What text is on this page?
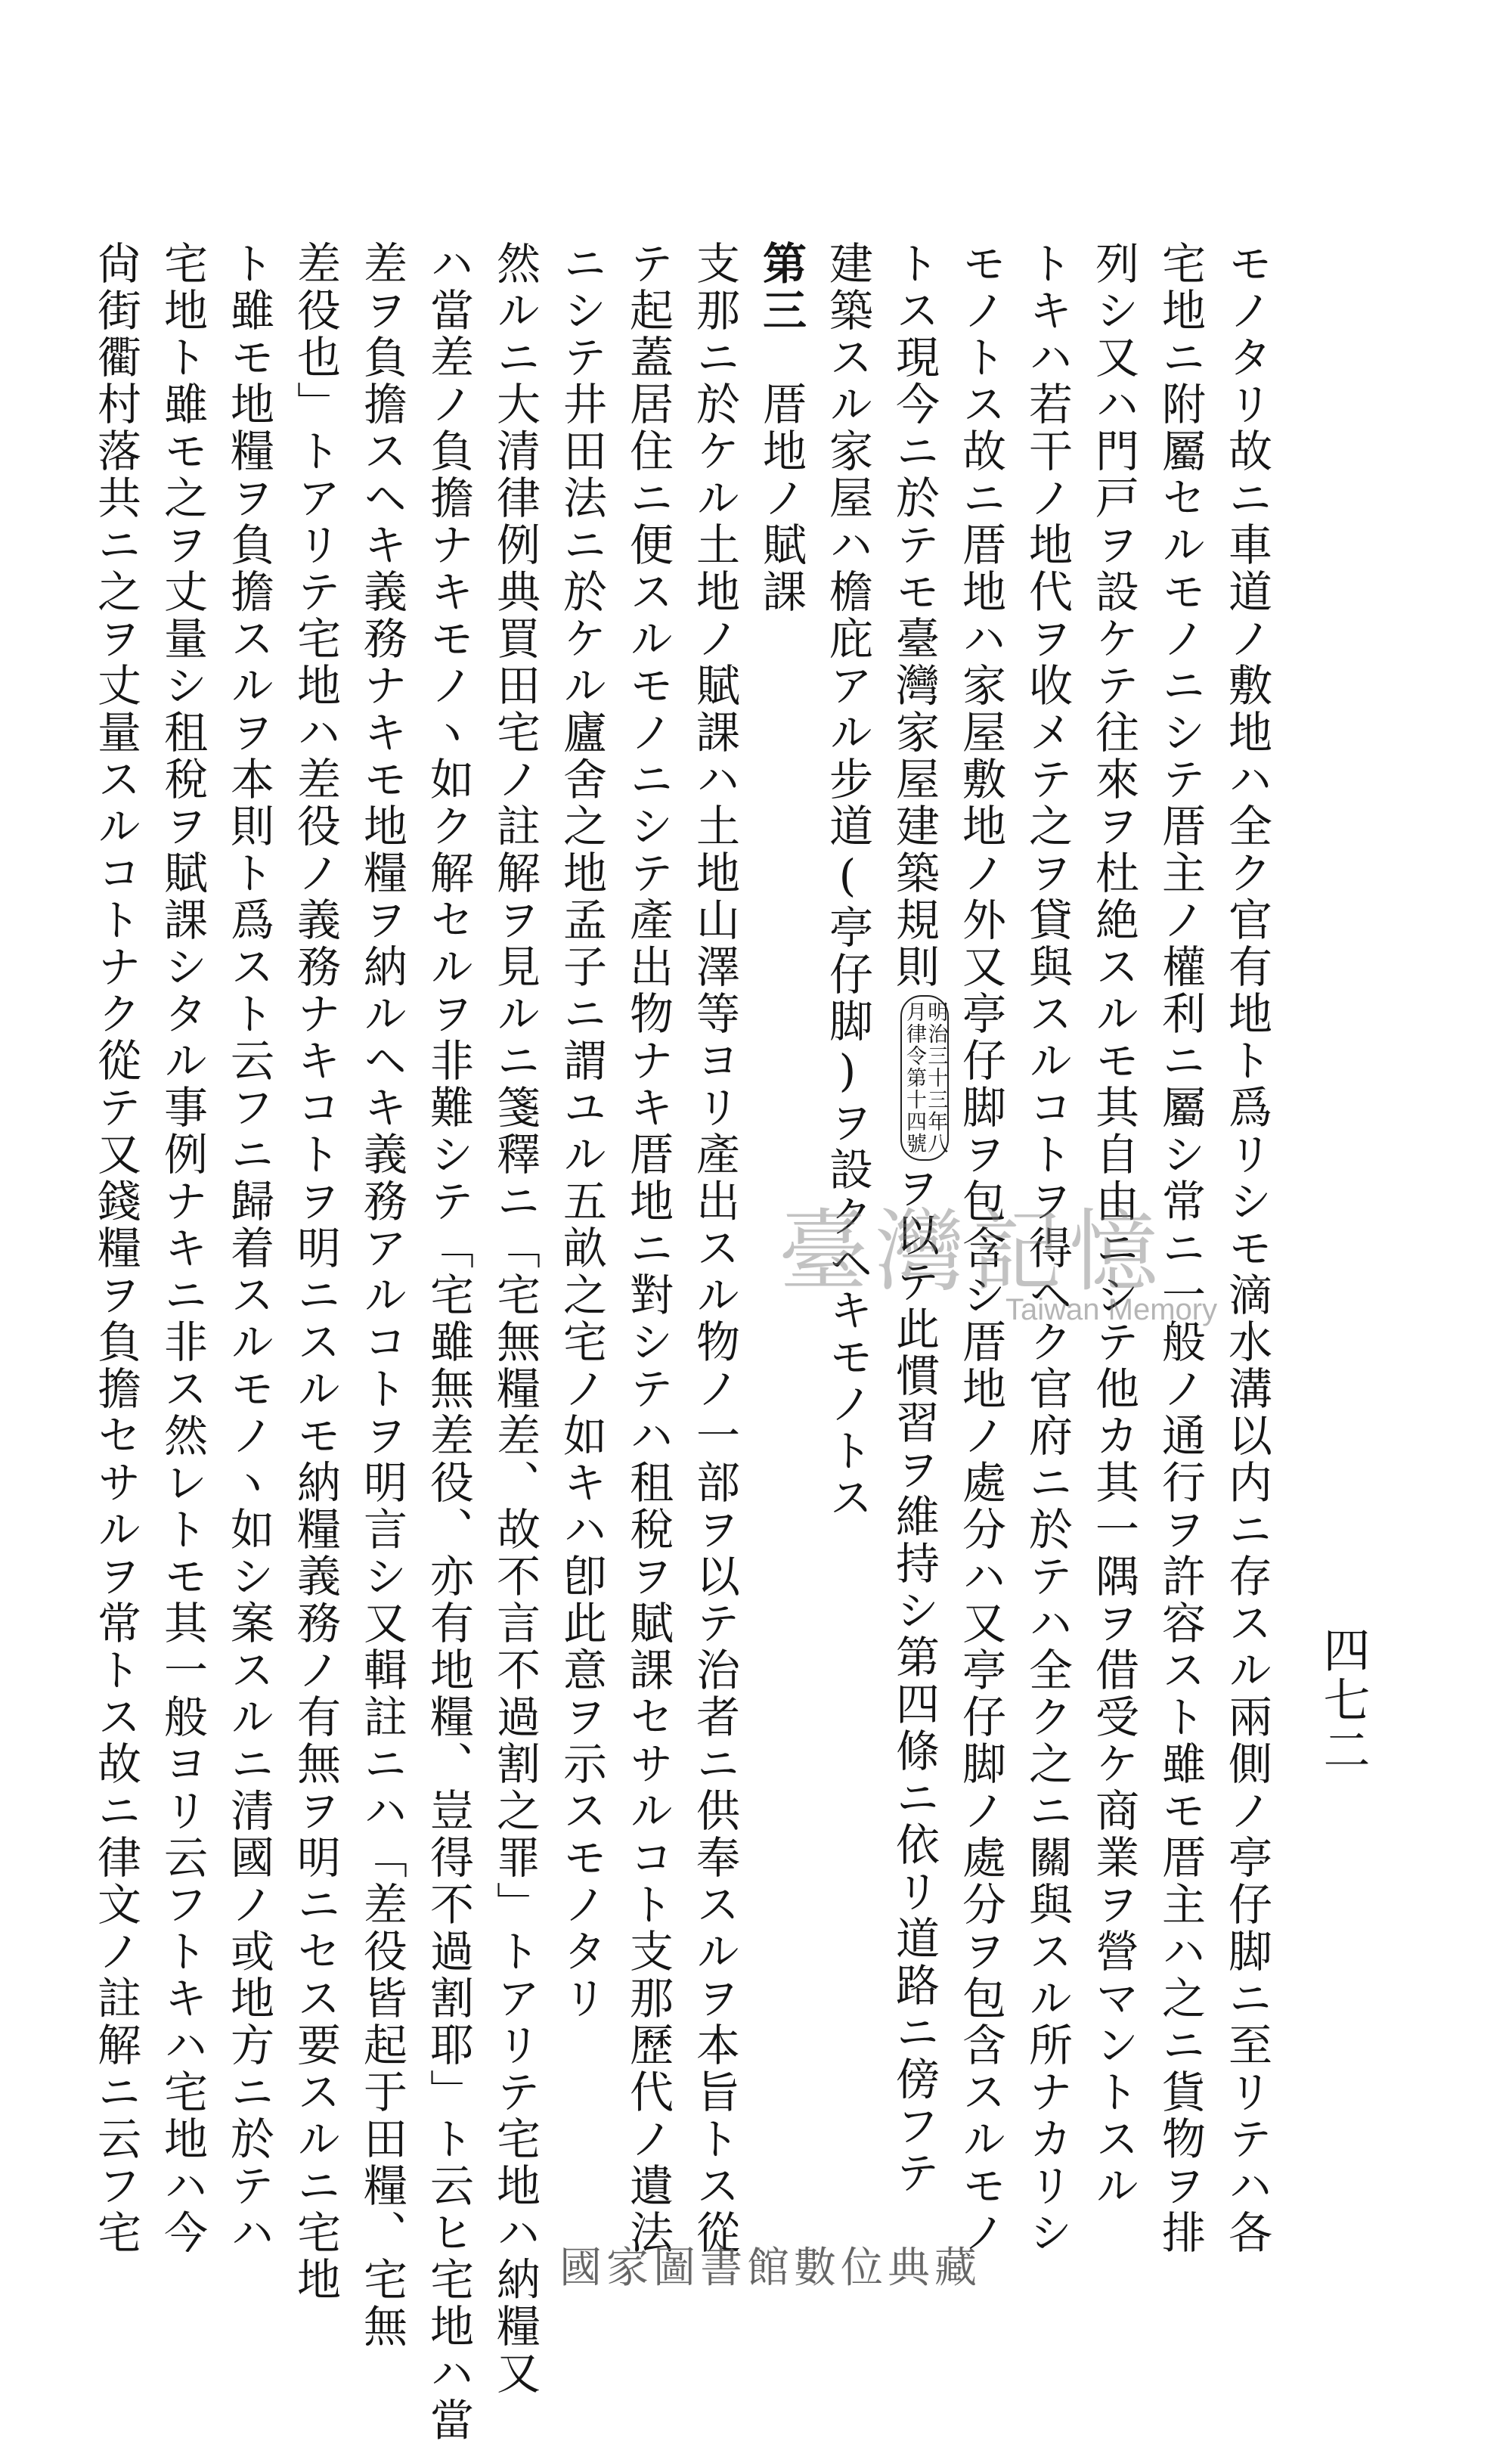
四七二
モノタリ故ニ車道ノ敷地ハ全ク官有地ト爲リシモ滴水溝以内ニ存スル兩側ノ亭仔脚ニ至リテハ各
宅地ニ附屬セルモノニシテ厝主ノ權利ニ屬シ常ニ一般ノ通行ヲ許容スト雖モ厝主ハ之ニ貨物ヲ排
列シ又ハ門戸ヲ設ケテ往來ヲ杜絶スルモ其自由ニシテ他カ其一隅ヲ借受ケ商業ヲ營マントスル
トキハ若干ノ地代ヲ收メテ之ヲ貸與スルコトヲ得ヘク官府ニ於テハ全ク之ニ關與スル所ナカリシ
モノトス故ニ厝地ハ家屋敷地ノ外又亭仔脚ヲ包含シ厝地ノ處分ハ又亭仔脚ノ處分ヲ包含スルモノ
トス現今ニ於テモ臺灣家屋建築規則明治三十三年八
月律令第十四號ヲ以テ此慣習ヲ維持シ第四條ニ依リ道路ニ傍フテ
建築スル家屋ハ檐庇アル步道(亭仔脚)ヲ設クヘキモノトス
第三　厝地ノ賦課
支那ニ於ケル土地ノ賦課ハ土地山澤等ヨリ產出スル物ノ一部ヲ以テ治者ニ供奉スルヲ本旨トス從
テ起蓋居住ニ便スルモノニシテ產出物ナキ厝地ニ對シテハ租稅ヲ賦課セサルコト支那歷代ノ遺法
ニシテ井田法ニ於ケル廬舍之地孟子ニ謂ユル五畝之宅ノ如キハ卽此意ヲ示スモノタリ
然ルニ大清律例典買田宅ノ註解ヲ見ルニ箋釋ニ「宅無糧差、故不言不過割之罪」トアリテ宅地ハ納糧又
ハ當差ノ負擔ナキモノヽ如ク解セルヲ非難シテ「宅雖無差役、亦有地糧、豈得不過割耶」ト云ヒ宅地ハ當
差ヲ負擔スヘキ義務ナキモ地糧ヲ納ルヘキ義務アルコトヲ明言シ又輯註ニハ「差役皆起于田糧、宅無
差役也」トアリテ宅地ハ差役ノ義務ナキコトヲ明ニスルモ納糧義務ノ有無ヲ明ニセス要スルニ宅地
ト雖モ地糧ヲ負擔スルヲ本則ト爲スト云フニ歸着スルモノヽ如シ案スルニ清國ノ或地方ニ於テハ
宅地ト雖モ之ヲ丈量シ租稅ヲ賦課シタル事例ナキニ非ス然レトモ其一般ヨリ云フトキハ宅地ハ今
尙街衢村落共ニ之ヲ丈量スルコトナク從テ又錢糧ヲ負擔セサルヲ常トス故ニ律文ノ註解ニ云フ宅	臺灣記憶
Taiwan Memory
國家圖書館數位典藏
